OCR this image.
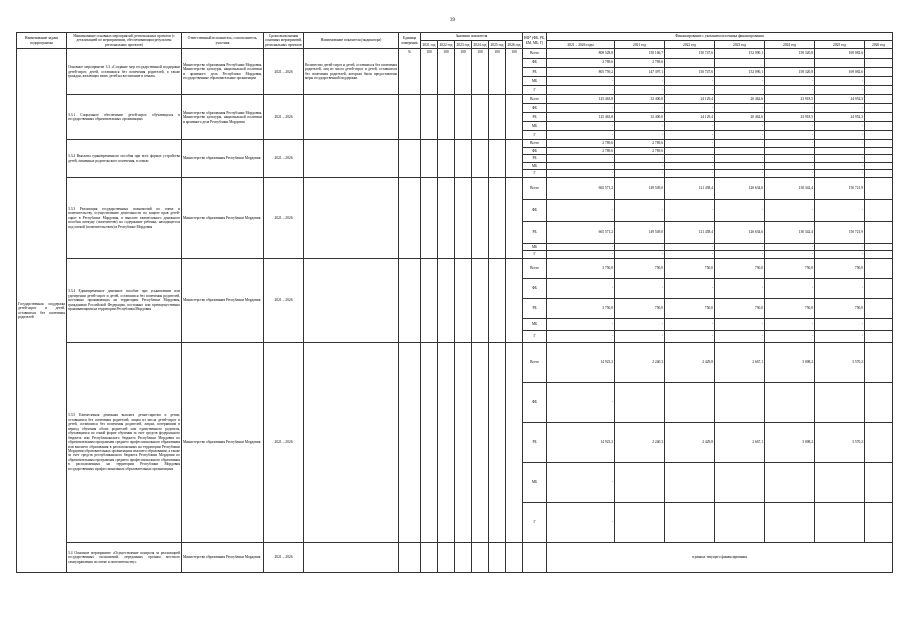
39
Наименование задачи подпрограммы	Наименование основных мероприятий, региональных проектов (с детализацией по мероприятиям, обеспечивающим результаты региональных проектов)	Ответственный исполнитель, соисполнитель, участник	Сроки выполнения основных мероприятий, региональных проектов	Наименование показателя (индикатора)	Единица измерения	Значения показателя						НФ* (ФБ, РБ, БМ, МБ, Г)	Финансирование с указанием источника финансирования						
						2021 год	2022 год	2023 год	2024 год	2025 год	2026 год		2021 – 2026 годы	2021 год	2022 год	2023 год	2024 год	2025 год	2026 год
Государственная поддержка детей-сирот и детей, оставшихся без попечения родителей	Основное мероприятие 3.3 «Создание мер государственной поддержки детей-сирот, детей, оставшихся без попечения родителей, а также граждан, желающих взять детей на воспитание в семью»	Министерство образования Республики Мордовия, Министерство культуры, национальной политики и архивного дела Республики Мордовия, государственные образовательные организации	2021 – 2026	Количество детей-сирот и детей, оставшихся без попечения родителей, лиц из числа детей-сирот и детей, оставшихся без попечения родителей, которым были предоставлены меры государственной поддержки	%	100	100	100	100	100	100	Всего	808 528,8	150 166,7	150 747,6	152 090,1	158 320,8	169 082,6	
												ФБ	2 769,6	2 769,6					
												РБ	805 759,2	147 397,1	150 747,6	152 090,1	158 320,8	169 082,6	
												МБ	-	-	-	-	-	-	
												Г	-	-	-	-	-	-	
	3.3.1 Социальное обеспечение детей-сирот, обучающихся в государственных образовательных организациях	Министерство образования Республики Мордовия, Министерство культуры, национальной политики и архивного дела Республики Мордовия	2021 – 2026									Всего	125 463,8	32 400,0	24 129,4	20 462,6	23 918,5	24 952,3	
												ФБ	-	-	-	-	-	-	
												РБ	125 463,8	32 400,0	24 129,4	20 462,6	23 918,5	24 952,3	
												МБ	-	-	-	-	-	-	
												Г	-	-	-	-	-	-	
	3.3.2 Выплаты единовременного пособия при всех формах устройства детей, лишенных родительского попечения, в семью	Министерство образования Республики Мордовия	2021 – 2026									Всего	2 769,6	2 769,6	-	-	-	-	
												ФБ	2 769,6	2 769,6					
												РБ	-	-	-	-	-	-	
												МБ	-	-	-	-	-	-	
												Г	-	-	-	-	-	-	
	3.3.3 Реализация государственных полномочий по опеке и попечительству, осуществлению деятельности по защите прав детей-сирот в Республике Мордовия, в выплате ежемесячного денежного пособия опекуну (попечителю) на содержание ребенка, находящегося под опекой (попечительством) в Республике Мордовия	Министерство образования Республики Мордовия	2021 – 2026									Всего	665 571,2	149 549,0	121 458,4	126 634,6	130 342,4	150 721,9	
												ФБ	-	-	-	-	-	-	
												РБ	665 571,2	149 549,0	121 458,4	126 634,6	130 342,4	150 721,9	
												МБ	-	-	-	-	-	-	
												Г	-	-	-	-	-	-	
	3.3.4 Единовременное денежное пособие при усыновлении или удочерении детей-сирот и детей, оставшихся без попечения родителей, постоянно проживающих на территории Республики Мордовия, гражданами Российской Федерации, постоянно или преимущественно проживающими на территории Республики Мордовия	Министерство образования Республики Мордовия	2021 – 2026									Всего	3 750,0	750,0	750,0	750,0	750,0	750,0	
												ФБ	-	-	-	-	-	-	
												РБ	3 750,0	750,0	750,0	750,0	750,0	750,0	
												МБ	-	-	-	-	-	-	
												Г	-	-	-	-	-	-	
	3.3.5 Ежемесячная денежная выплата детям-сиротам и детям, оставшимся без попечения родителей, лицам из числа детей-сирот и детей, оставшихся без попечения родителей, лицам, потерявшим в период обучения обоих родителей или единственного родителя, обучающимся по очной форме обучения за счет средств федерального бюджета или Республиканского бюджета Республики Мордовия по образовательным программам среднего профессионального образования или высшего образования в расположенных на территории Республики Мордовия образовательных организациях высшего образования, а также за счет средств республиканского бюджета Республики Мордовия по образовательным программам среднего профессионального образования в расположенных на территории Республики Мордовия государственных профессиональных образовательных организациях	Министерство образования Республики Мордовия	2021 – 2026									Всего	14 923,3	2 240,3	2 429,8	2 667,1	3 008,2	3 570,2	
												ФБ	-						
												РБ	14 923,3	2 240,3	2 429,8	2 667,1	3 008,2	3 570,2	
												МБ	-						
												Г	-						
	3.4 Основное мероприятие «Осуществление контроля за реализацией государственных полномочий, переданных органам местного самоуправления по опеке и попечительству»	Министерство образования Республики Мордовия	2021 – 2026										в рамках текущего финансирования						
